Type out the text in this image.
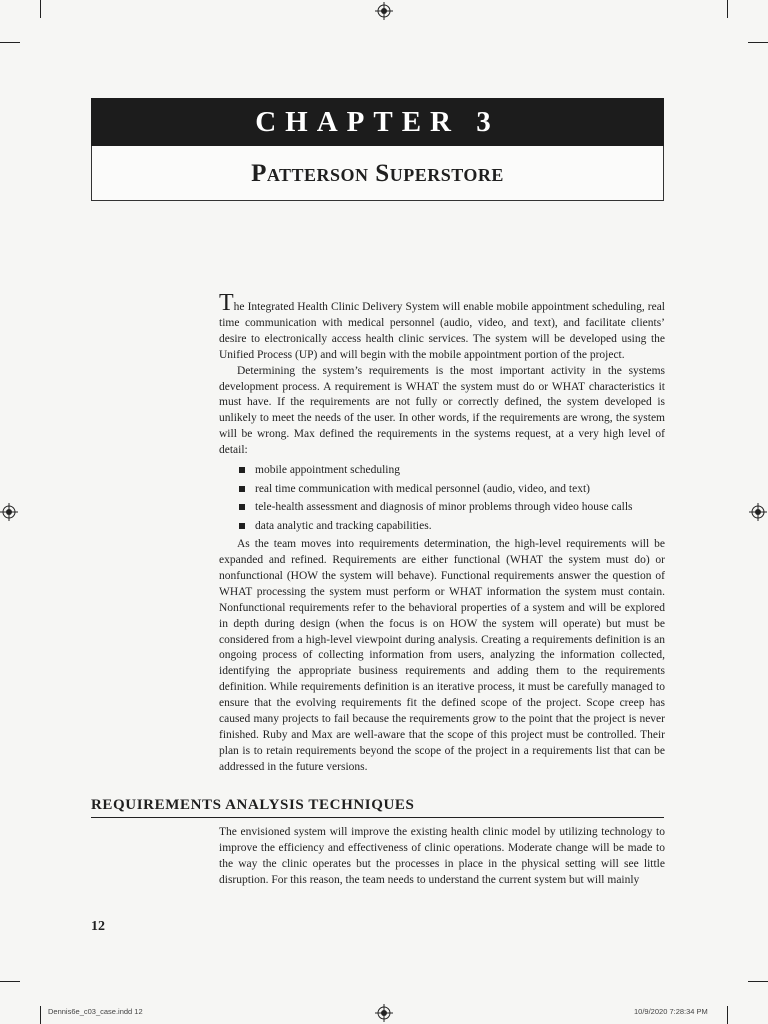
CHAPTER 3
Patterson Superstore

The Integrated Health Clinic Delivery System will enable mobile appointment scheduling, real time communication with medical personnel (audio, video, and text), and facilitate clients’ desire to electronically access health clinic services. The system will be developed using the Unified Process (UP) and will begin with the mobile appointment portion of the project.

Determining the system’s requirements is the most important activity in the systems development process. A requirement is WHAT the system must do or WHAT characteristics it must have. If the requirements are not fully or correctly defined, the system developed is unlikely to meet the needs of the user. In other words, if the requirements are wrong, the system will be wrong. Max defined the requirements in the systems request, at a very high level of detail:

mobile appointment scheduling
real time communication with medical personnel (audio, video, and text)
tele-health assessment and diagnosis of minor problems through video house calls
data analytic and tracking capabilities.

As the team moves into requirements determination, the high-level requirements will be expanded and refined. Requirements are either functional (WHAT the system must do) or nonfunctional (HOW the system will behave). Functional requirements answer the question of WHAT processing the system must perform or WHAT information the system must contain. Nonfunctional requirements refer to the behavioral properties of a system and will be explored in depth during design (when the focus is on HOW the system will operate) but must be considered from a high-level viewpoint during analysis. Creating a requirements definition is an ongoing process of collecting information from users, analyzing the information collected, identifying the appropriate business requirements and adding them to the requirements definition. While requirements definition is an iterative process, it must be carefully managed to ensure that the evolving requirements fit the defined scope of the project. Scope creep has caused many projects to fail because the requirements grow to the point that the project is never finished. Ruby and Max are well-aware that the scope of this project must be controlled. Their plan is to retain requirements beyond the scope of the project in a requirements list that can be addressed in the future versions.

REQUIREMENTS ANALYSIS TECHNIQUES

The envisioned system will improve the existing health clinic model by utilizing technology to improve the efficiency and effectiveness of clinic operations. Moderate change will be made to the way the clinic operates but the processes in place in the physical setting will see little disruption. For this reason, the team needs to understand the current system but will mainly

12
Dennis6e_c03_case.indd 12	10/9/2020 7:28:34 PM
